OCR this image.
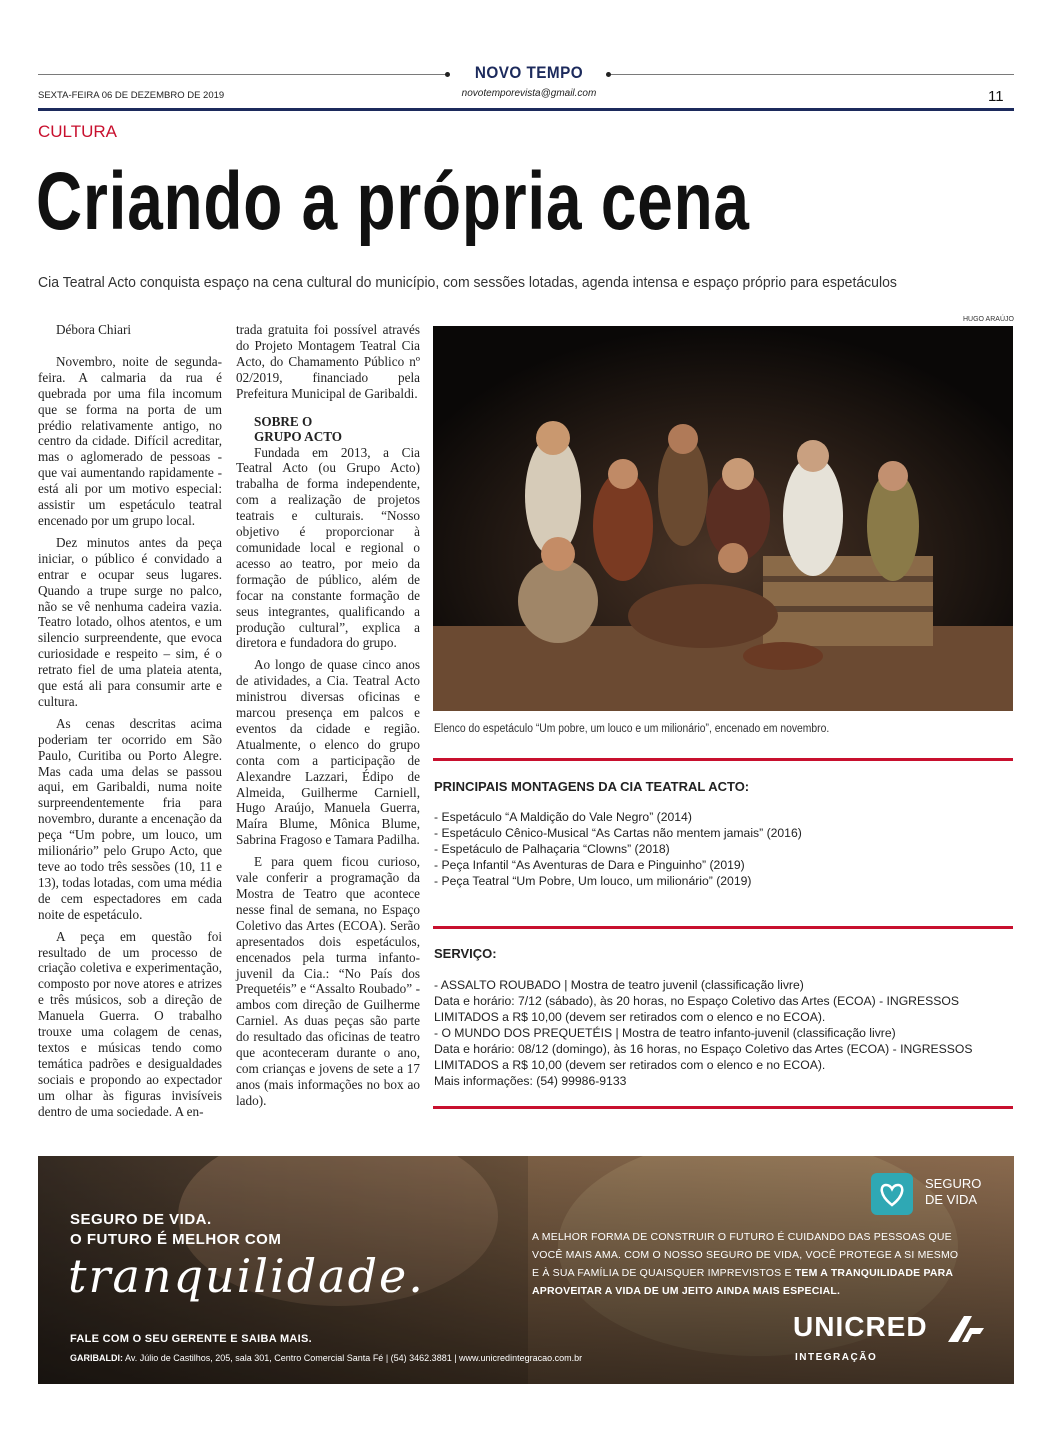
NOVO TEMPO
novotemporevista@gmail.com
SEXTA-FEIRA 06 DE DEZEMBRO DE 2019	11
CULTURA
Criando a própria cena
Cia Teatral Acto conquista espaço na cena cultural do município, com sessões lotadas, agenda intensa e espaço próprio para espetáculos

Débora Chiari

Novembro, noite de segunda-feira. A calmaria da rua é quebrada por uma fila incomum que se forma na porta de um prédio relativamente antigo, no centro da cidade. Difícil acreditar, mas o aglomerado de pessoas - que vai aumentando rapidamente - está ali por um motivo especial: assistir um espetáculo teatral encenado por um grupo local.

Dez minutos antes da peça iniciar, o público é convidado a entrar e ocupar seus lugares. Quando a trupe surge no palco, não se vê nenhuma cadeira vazia. Teatro lotado, olhos atentos, e um silencio surpreendente, que evoca curiosidade e respeito – sim, é o retrato fiel de uma plateia atenta, que está ali para consumir arte e cultura.

As cenas descritas acima poderiam ter ocorrido em São Paulo, Curitiba ou Porto Alegre. Mas cada uma delas se passou aqui, em Garibaldi, numa noite surpreendentemente fria para novembro, durante a encenação da peça “Um pobre, um louco, um milionário” pelo Grupo Acto, que teve ao todo três sessões (10, 11 e 13), todas lotadas, com uma média de cem espectadores em cada noite de espetáculo.

A peça em questão foi resultado de um processo de criação coletiva e experimentação, composto por nove atores e atrizes e três músicos, sob a direção de Manuela Guerra. O trabalho trouxe uma colagem de cenas, textos e músicas tendo como temática padrões e desigualdades sociais e propondo ao expectador um olhar às figuras invisíveis dentro de uma sociedade. A en-

trada gratuita foi possível através do Projeto Montagem Teatral Cia Acto, do Chamamento Público nº 02/2019, financiado pela Prefeitura Municipal de Garibaldi.

SOBRE O

GRUPO ACTO

Fundada em 2013, a Cia Teatral Acto (ou Grupo Acto) trabalha de forma independente, com a realização de projetos teatrais e culturais. “Nosso objetivo é proporcionar à comunidade local e regional o acesso ao teatro, por meio da formação de público, além de focar na constante formação de seus integrantes, qualificando a produção cultural”, explica a diretora e fundadora do grupo.

Ao longo de quase cinco anos de atividades, a Cia. Teatral Acto ministrou diversas oficinas e marcou presença em palcos e eventos da cidade e região. Atualmente, o elenco do grupo conta com a participação de Alexandre Lazzari, Édipo de Almeida, Guilherme Carniell, Hugo Araújo, Manuela Guerra, Maíra Blume, Mônica Blume, Sabrina Fragoso e Tamara Padilha.

E para quem ficou curioso, vale conferir a programação da Mostra de Teatro que acontece nesse final de semana, no Espaço Coletivo das Artes (ECOA). Serão apresentados dois espetáculos, encenados pela turma infanto-juvenil da Cia.: “No País dos Prequetéis” e “Assalto Roubado” - ambos com direção de Guilherme Carniel. As duas peças são parte do resultado das oficinas de teatro que aconteceram durante o ano, com crianças e jovens de sete a 17 anos (mais informações no box ao lado).

HUGO ARAÚJO
Elenco do espetáculo “Um pobre, um louco e um milionário”, encenado em novembro.
PRINCIPAIS MONTAGENS DA CIA TEATRAL ACTO:
- Espetáculo “A Maldição do Vale Negro” (2014)
- Espetáculo Cênico-Musical “As Cartas não mentem jamais” (2016)
- Espetáculo de Palhaçaria “Clowns” (2018)
- Peça Infantil “As Aventuras de Dara e Pinguinho” (2019)
- Peça Teatral “Um Pobre, Um louco, um milionário” (2019)
SERVIÇO:
- ASSALTO ROUBADO | Mostra de teatro juvenil (classificação livre)
Data e horário: 7/12 (sábado), às 20 horas, no Espaço Coletivo das Artes (ECOA) - INGRESSOS
LIMITADOS a R$ 10,00 (devem ser retirados com o elenco e no ECOA).
- O MUNDO DOS PREQUETÉIS | Mostra de teatro infanto-juvenil (classificação livre)
Data e horário: 08/12 (domingo), às 16 horas, no Espaço Coletivo das Artes (ECOA) - INGRESSOS
LIMITADOS a R$ 10,00 (devem ser retirados com o elenco e no ECOA).
Mais informações: (54) 99986-9133
SEGURO DE VIDA.
O FUTURO É MELHOR COM
tranquilidade.
FALE COM O SEU GERENTE E SAIBA MAIS.
GARIBALDI: Av. Júlio de Castilhos, 205, sala 301, Centro Comercial Santa Fé | (54) 3462.3881 | www.unicredintegracao.com.br
A MELHOR FORMA DE CONSTRUIR O FUTURO É CUIDANDO DAS PESSOAS QUE
VOCÊ MAIS AMA. COM O NOSSO SEGURO DE VIDA, VOCÊ PROTEGE A SI MESMO
E À SUA FAMÍLIA DE QUAISQUER IMPREVISTOS E TEM A TRANQUILIDADE PARA
APROVEITAR A VIDA DE UM JEITO AINDA MAIS ESPECIAL.
SEGURO
DE VIDA
UNICRED
INTEGRAÇÃO
